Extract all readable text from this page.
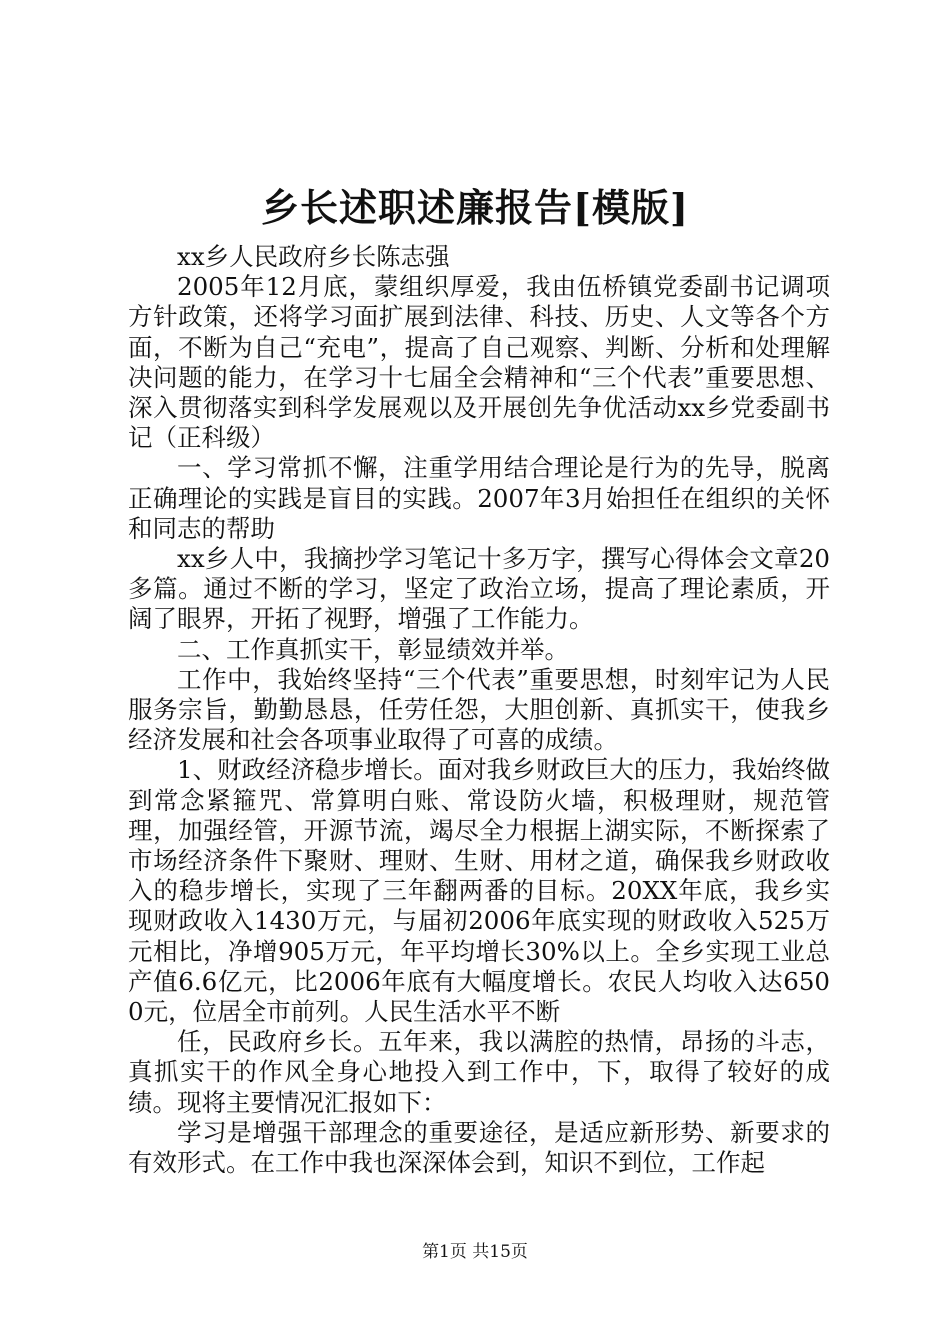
乡长述职述廉报告[模版]

xx乡人民政府乡长陈志强

2005年12月底，蒙组织厚爱，我由伍桥镇党委副书记调项方针政策，还将学习面扩展到法律、科技、历史、人文等各个方面，不断为自己“充电”，提高了自己观察、判断、分析和处理解决问题的能力，在学习十七届全会精神和“三个代表”重要思想、深入贯彻落实到科学发展观以及开展创先争优活动xx乡党委副书记（正科级）

一、学习常抓不懈，注重学用结合理论是行为的先导，脱离正确理论的实践是盲目的实践。2007年3月始担任在组织的关怀和同志的帮助

xx乡人中，我摘抄学习笔记十多万字，撰写心得体会文章20多篇。通过不断的学习，坚定了政治立场，提高了理论素质，开阔了眼界，开拓了视野，增强了工作能力。

二、工作真抓实干，彰显绩效并举。

工作中，我始终坚持“三个代表”重要思想，时刻牢记为人民服务宗旨，勤勤恳恳，任劳任怨，大胆创新、真抓实干，使我乡经济发展和社会各项事业取得了可喜的成绩。

1、财政经济稳步增长。面对我乡财政巨大的压力，我始终做到常念紧箍咒、常算明白账、常设防火墙，积极理财，规范管理，加强经管，开源节流，竭尽全力根据上湖实际，不断探索了市场经济条件下聚财、理财、生财、用材之道，确保我乡财政收入的稳步增长，实现了三年翻两番的目标。20XX年底，我乡实现财政收入1430万元，与届初2006年底实现的财政收入525万元相比，净增905万元，年平均增长30%以上。全乡实现工业总产值6.6亿元，比2006年底有大幅度增长。农民人均收入达6500元，位居全市前列。人民生活水平不断

任，民政府乡长。五年来，我以满腔的热情，昂扬的斗志，真抓实干的作风全身心地投入到工作中，下，取得了较好的成绩。现将主要情况汇报如下：

学习是增强干部理念的重要途径，是适应新形势、新要求的有效形式。在工作中我也深深体会到，知识不到位，工作起

第1页 共15页
